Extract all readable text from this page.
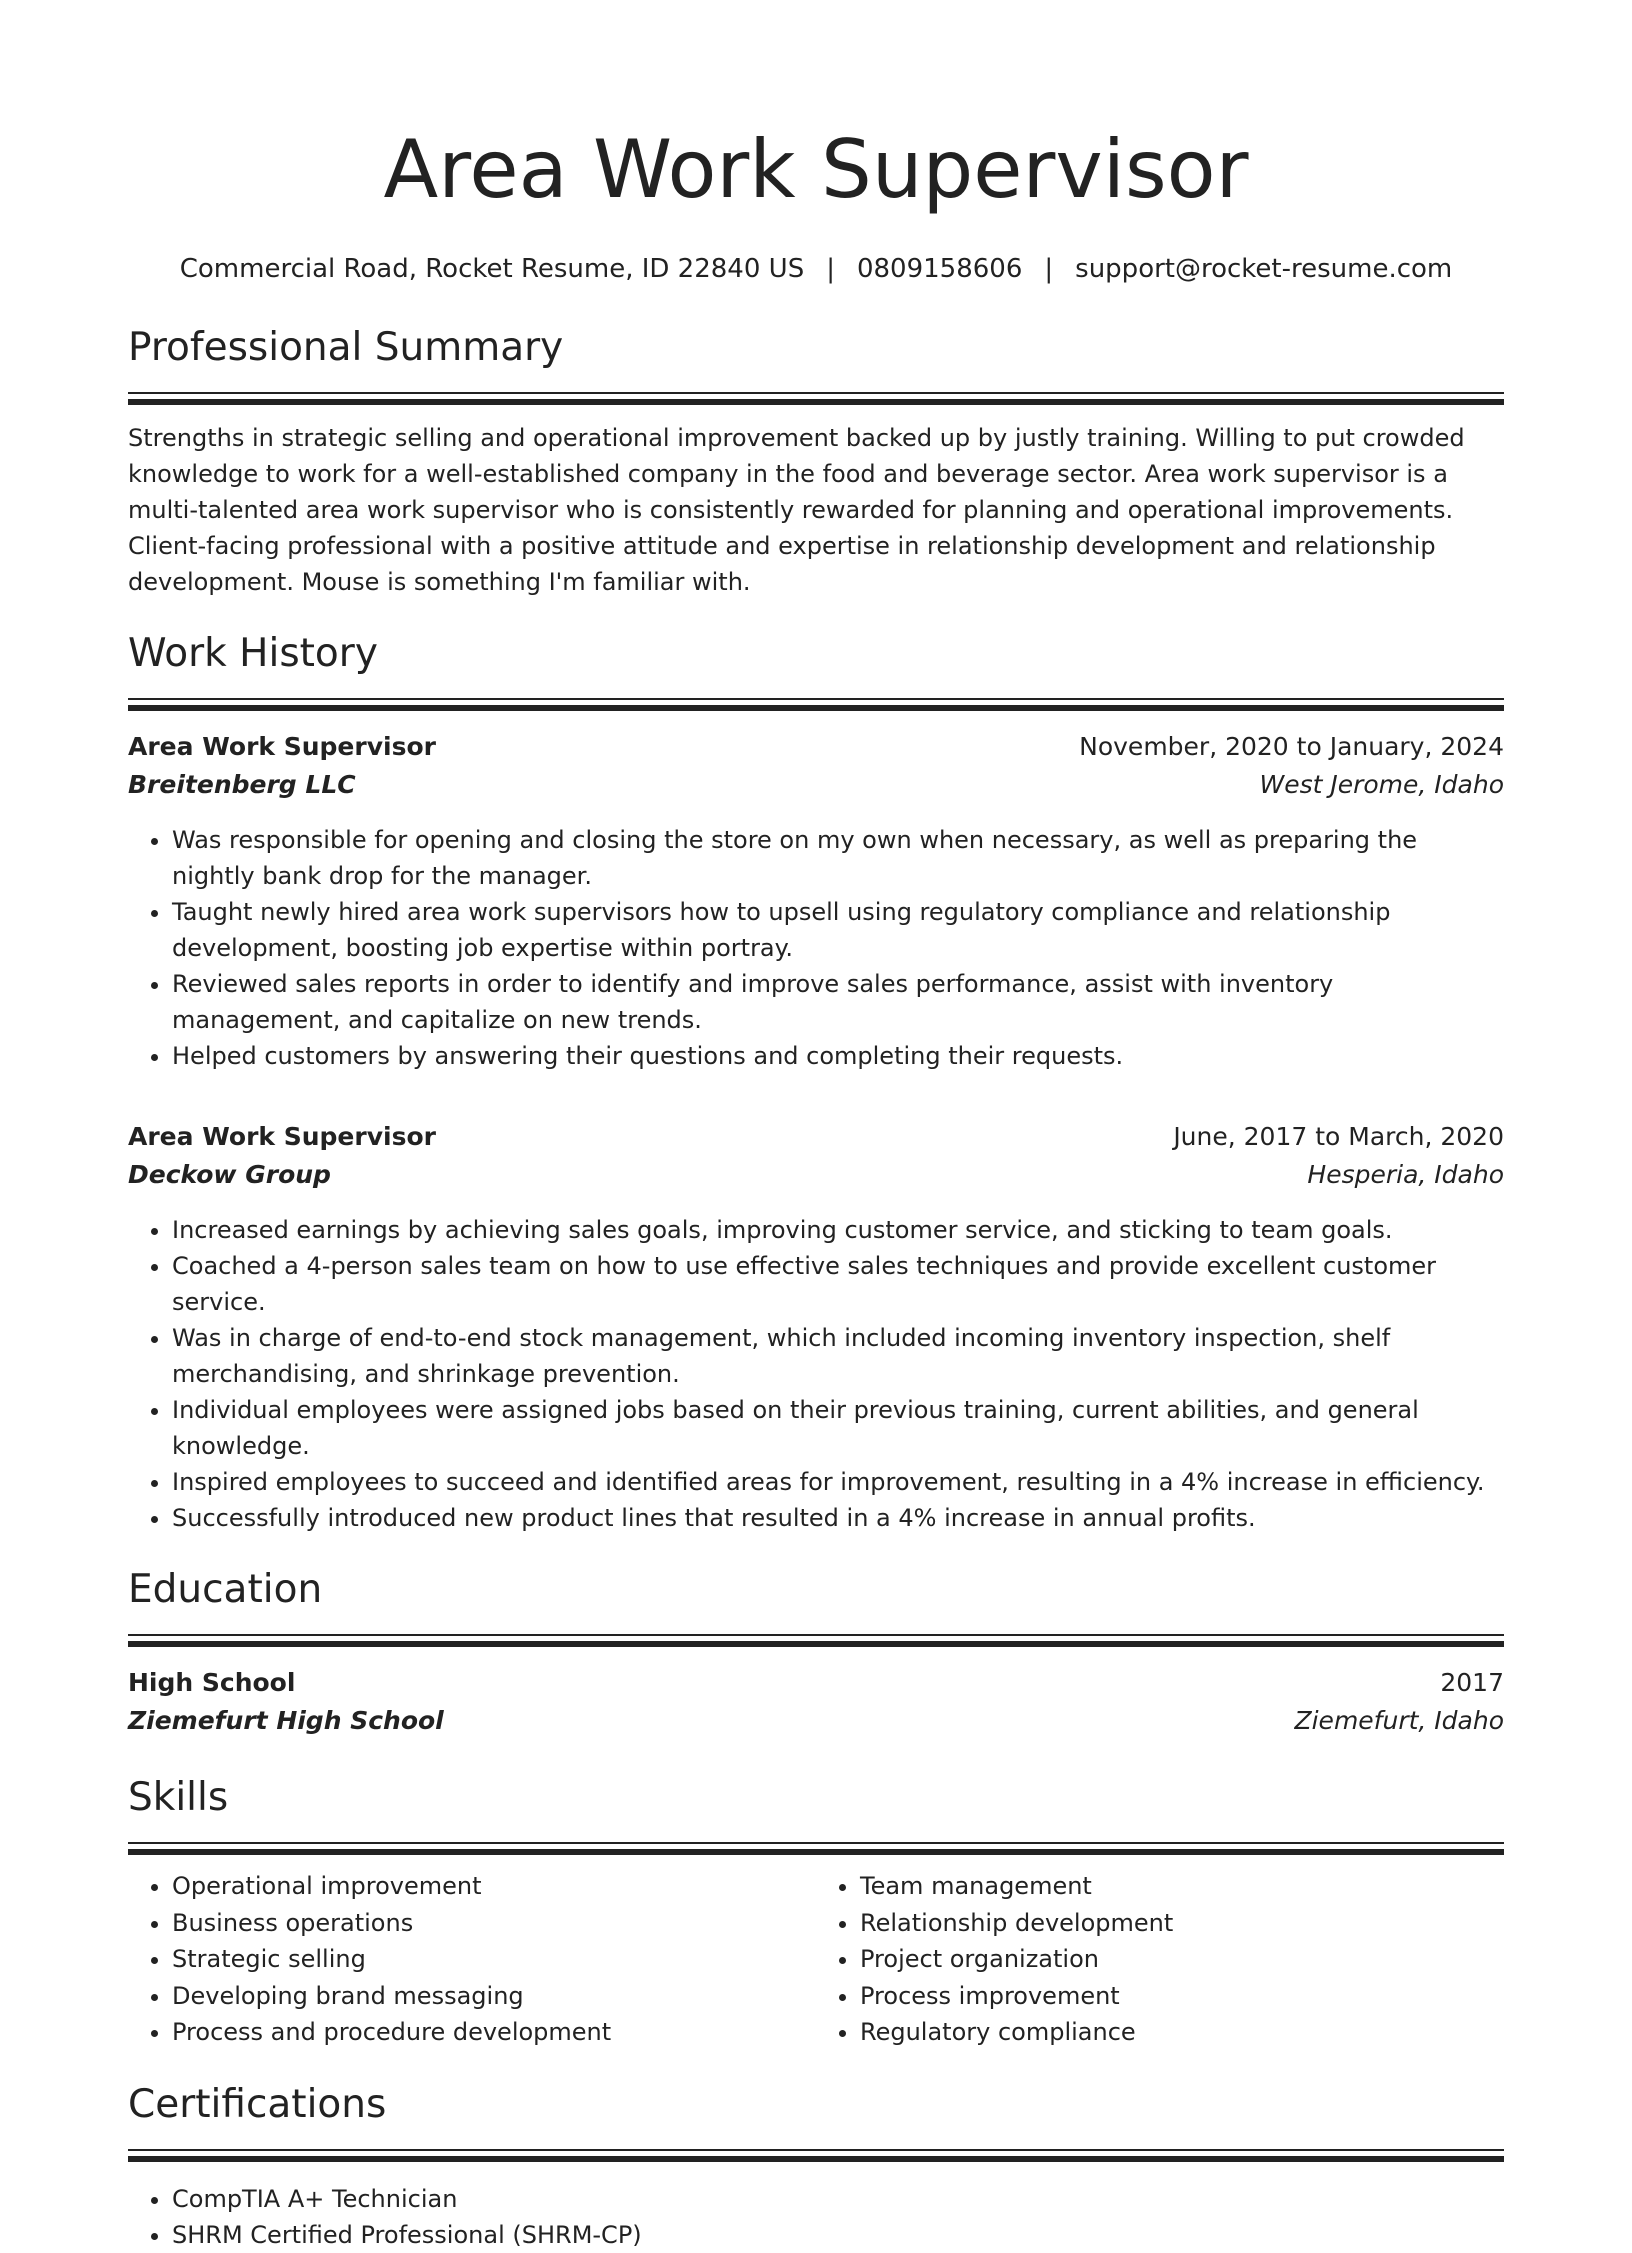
Area Work Supervisor
Commercial Road, Rocket Resume, ID 22840 US | 0809158606 | support@rocket-resume.com
Professional Summary
Strengths in strategic selling and operational improvement backed up by justly training. Willing to put crowded knowledge to work for a well-established company in the food and beverage sector. Area work supervisor is a multi-talented area work supervisor who is consistently rewarded for planning and operational improvements. Client-facing professional with a positive attitude and expertise in relationship development and relationship development. Mouse is something I'm familiar with.
Work History
Area Work Supervisor	November, 2020 to January, 2024
Breitenberg LLC	West Jerome, Idaho
• Was responsible for opening and closing the store on my own when necessary, as well as preparing the nightly bank drop for the manager.
• Taught newly hired area work supervisors how to upsell using regulatory compliance and relationship development, boosting job expertise within portray.
• Reviewed sales reports in order to identify and improve sales performance, assist with inventory management, and capitalize on new trends.
• Helped customers by answering their questions and completing their requests.
Area Work Supervisor	June, 2017 to March, 2020
Deckow Group	Hesperia, Idaho
• Increased earnings by achieving sales goals, improving customer service, and sticking to team goals.
• Coached a 4-person sales team on how to use effective sales techniques and provide excellent customer service.
• Was in charge of end-to-end stock management, which included incoming inventory inspection, shelf merchandising, and shrinkage prevention.
• Individual employees were assigned jobs based on their previous training, current abilities, and general knowledge.
• Inspired employees to succeed and identified areas for improvement, resulting in a 4% increase in efficiency.
• Successfully introduced new product lines that resulted in a 4% increase in annual profits.
Education
High School	2017
Ziemefurt High School	Ziemefurt, Idaho
Skills
• Operational improvement
• Business operations
• Strategic selling
• Developing brand messaging
• Process and procedure development
• Team management
• Relationship development
• Project organization
• Process improvement
• Regulatory compliance
Certifications
• CompTIA A+ Technician
• SHRM Certified Professional (SHRM-CP)
